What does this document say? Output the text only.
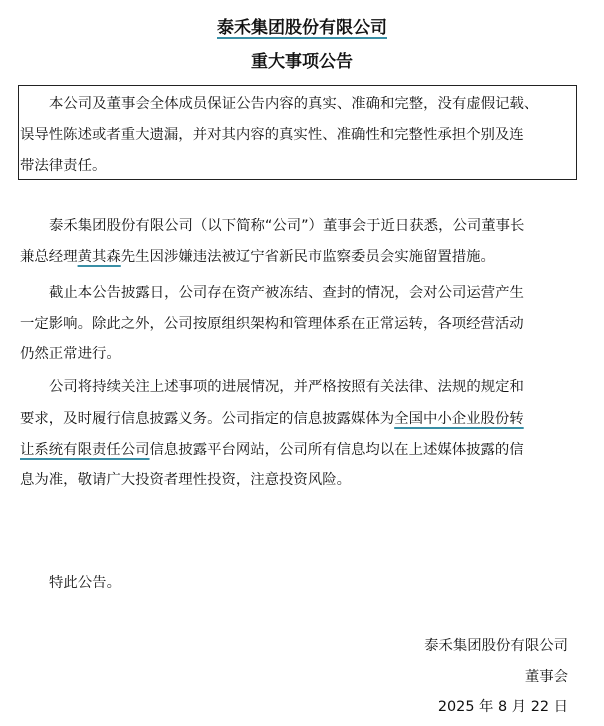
泰禾集团股份有限公司
重大事项公告
本公司及董事会全体成员保证公告内容的真实、准确和完整，没有虚假记载、
误导性陈述或者重大遗漏，并对其内容的真实性、准确性和完整性承担个别及连
带法律责任。
泰禾集团股份有限公司（以下简称“公司”）董事会于近日获悉，公司董事长
兼总经理黄其森先生因涉嫌违法被辽宁省新民市监察委员会实施留置措施。
截止本公告披露日，公司存在资产被冻结、查封的情况，会对公司运营产生
一定影响。除此之外，公司按原组织架构和管理体系在正常运转，各项经营活动
仍然正常进行。
公司将持续关注上述事项的进展情况，并严格按照有关法律、法规的规定和
要求，及时履行信息披露义务。公司指定的信息披露媒体为全国中小企业股份转
让系统有限责任公司信息披露平台网站，公司所有信息均以在上述媒体披露的信
息为准，敬请广大投资者理性投资，注意投资风险。
特此公告。
泰禾集团股份有限公司
董事会
2025 年 8 月 22 日
